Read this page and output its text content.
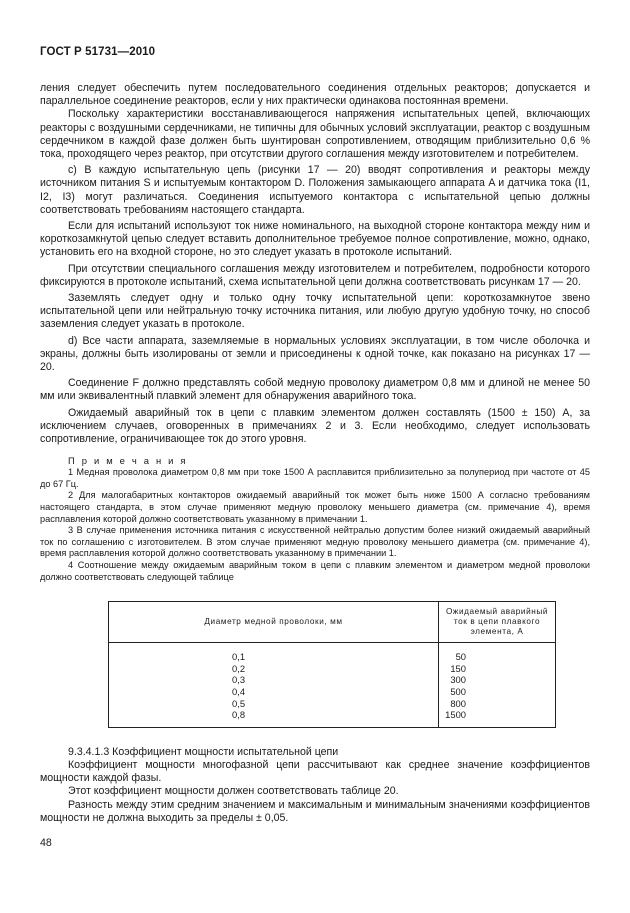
ГОСТ Р 51731—2010

ления следует обеспечить путем последовательного соединения отдельных реакторов; допускается и параллельное соединение реакторов, если у них практически одинакова постоянная времени.

Поскольку характеристики восстанавливающегося напряжения испытательных цепей, включающих реакторы с воздушными сердечниками, не типичны для обычных условий эксплуатации, реактор с воздушным сердечником в каждой фазе должен быть шунтирован сопротивлением, отводящим приблизительно 0,6 % тока, проходящего через реактор, при отсутствии другого соглашения между изготовителем и потребителем.

с) В каждую испытательную цепь (рисунки 17 — 20) вводят сопротивления и реакторы между источником питания S и испытуемым контактором D. Положения замыкающего аппарата A и датчика тока (I1, I2, I3) могут различаться. Соединения испытуемого контактора с испытательной цепью должны соответствовать требованиям настоящего стандарта.

Если для испытаний используют ток ниже номинального, на выходной стороне контактора между ним и короткозамкнутой цепью следует вставить дополнительное требуемое полное сопротивление, можно, однако, установить его на входной стороне, но это следует указать в протоколе испытаний.

При отсутствии специального соглашения между изготовителем и потребителем, подробности которого фиксируются в протоколе испытаний, схема испытательной цепи должна соответствовать рисункам 17 — 20.

Заземлять следует одну и только одну точку испытательной цепи: короткозамкнутое звено испытательной цепи или нейтральную точку источника питания, или любую другую удобную точку, но способ заземления следует указать в протоколе.

d) Все части аппарата, заземляемые в нормальных условиях эксплуатации, в том числе оболочка и экраны, должны быть изолированы от земли и присоединены к одной точке, как показано на рисунках 17 — 20.

Соединение F должно представлять собой медную проволоку диаметром 0,8 мм и длиной не менее 50 мм или эквивалентный плавкий элемент для обнаружения аварийного тока.

Ожидаемый аварийный ток в цепи с плавким элементом должен составлять (1500 ± 150) А, за исключением случаев, оговоренных в примечаниях 2 и 3. Если необходимо, следует использовать сопротивление, ограничивающее ток до этого уровня.

П р и м е ч а н и я

1 Медная проволока диаметром 0,8 мм при токе 1500 А расплавится приблизительно за полупериод при частоте от 45 до 67 Гц.

2 Для малогабаритных контакторов ожидаемый аварийный ток может быть ниже 1500 А согласно требованиям настоящего стандарта, в этом случае применяют медную проволоку меньшего диаметра (см. примечание 4), время расплавления которой должно соответствовать указанному в примечании 1.

3 В случае применения источника питания с искусственной нейтралью допустим более низкий ожидаемый аварийный ток по соглашению с изготовителем. В этом случае применяют медную проволоку меньшего диаметра (см. примечание 4), время расплавления которой должно соответствовать указанному в примечании 1.

4 Соотношение между ожидаемым аварийным током в цепи с плавким элементом и диаметром медной проволоки должно соответствовать следующей таблице

Диаметр медной проволоки, мм	Ожидаемый аварийный ток в цепи плавкого элемента, А
0,1	50
0,2	150
0,3	300
0,4	500
0,5	800
0,8	1500

9.3.4.1.3 Коэффициент мощности испытательной цепи

Коэффициент мощности многофазной цепи рассчитывают как среднее значение коэффициентов мощности каждой фазы.

Этот коэффициент мощности должен соответствовать таблице 20.

Разность между этим средним значением и максимальным и минимальным значениями коэффициентов мощности не должна выходить за пределы ± 0,05.

48
